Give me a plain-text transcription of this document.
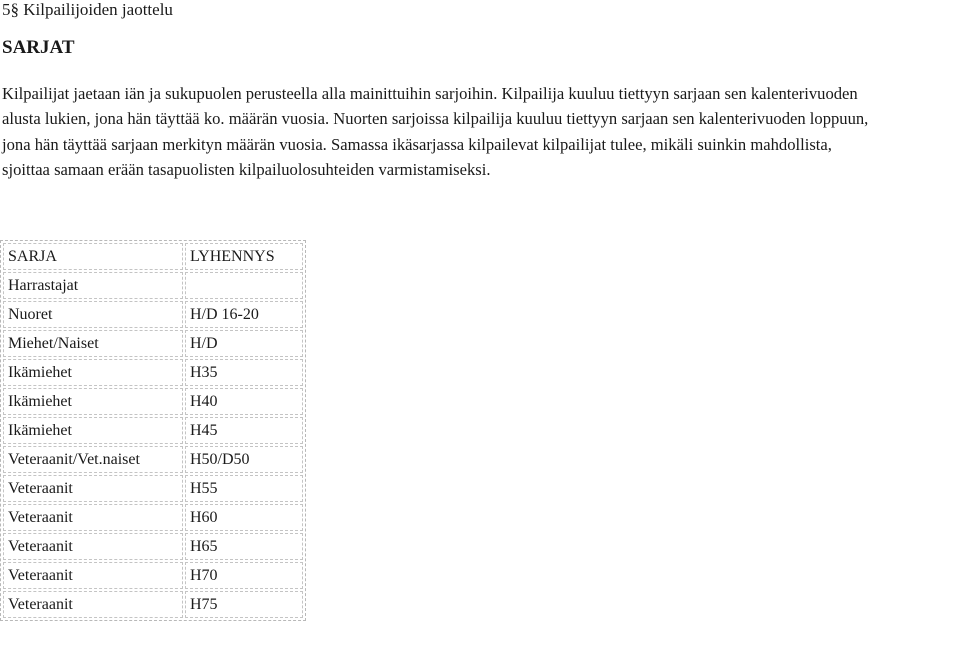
5§ Kilpailijoiden jaottelu
SARJAT

Kilpailijat jaetaan iän ja sukupuolen perusteella alla mainittuihin sarjoihin. Kilpailija kuuluu tiettyyn sarjaan sen kalenterivuoden
alusta lukien, jona hän täyttää ko. määrän vuosia. Nuorten sarjoissa kilpailija kuuluu tiettyyn sarjaan sen kalenterivuoden loppuun,
jona hän täyttää sarjaan merkityn määrän vuosia. Samassa ikäsarjassa kilpailevat kilpailijat tulee, mikäli suinkin mahdollista,
sjoittaa samaan erään tasapuolisten kilpailuolosuhteiden varmistamiseksi.

SARJA	LYHENNYS
Harrastajat	
Nuoret	H/D 16-20
Miehet/Naiset	H/D
Ikämiehet	H35
Ikämiehet	H40
Ikämiehet	H45
Veteraanit/Vet.naiset	H50/D50
Veteraanit	H55
Veteraanit	H60
Veteraanit	H65
Veteraanit	H70
Veteraanit	H75
